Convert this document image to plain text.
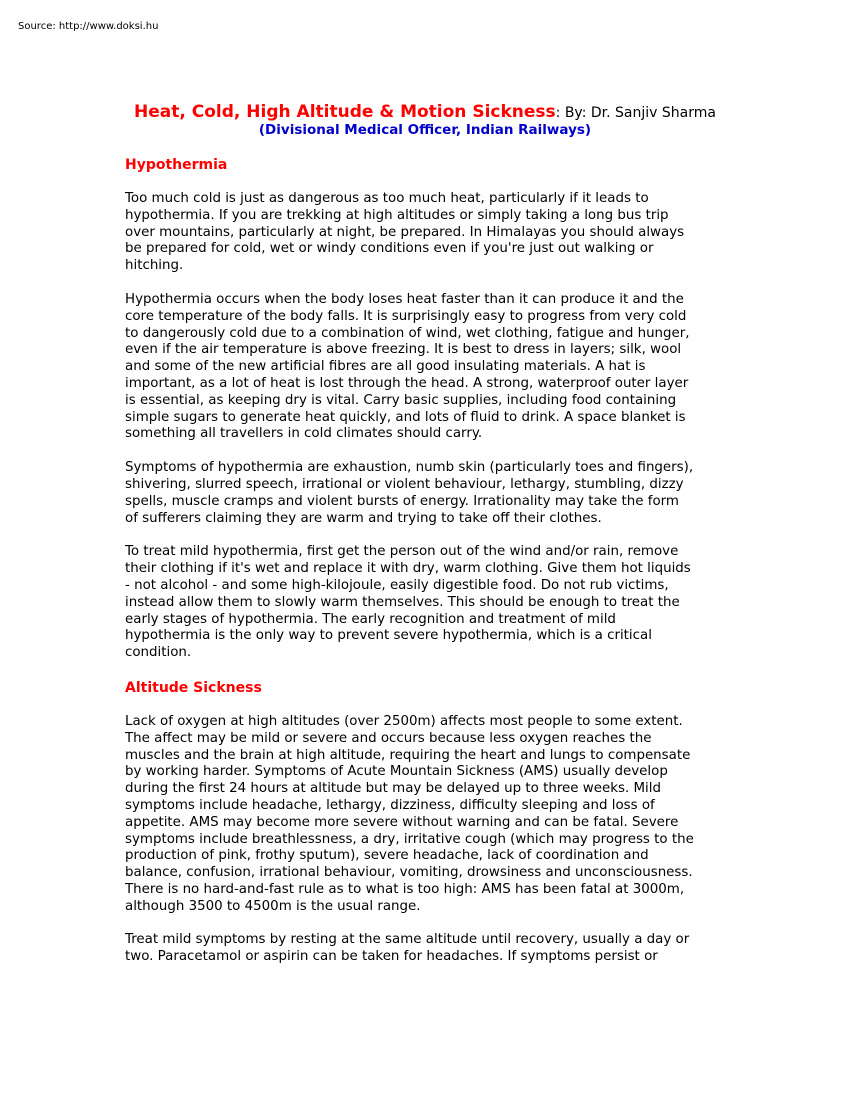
Source: http://www.doksi.hu
Heat, Cold, High Altitude & Motion Sickness: By: Dr. Sanjiv Sharma
(Divisional Medical Officer, Indian Railways)
Hypothermia
Too much cold is just as dangerous as too much heat, particularly if it leads to
hypothermia. If you are trekking at high altitudes or simply taking a long bus trip
over mountains, particularly at night, be prepared. In Himalayas you should always
be prepared for cold, wet or windy conditions even if you're just out walking or
hitching.
Hypothermia occurs when the body loses heat faster than it can produce it and the
core temperature of the body falls. It is surprisingly easy to progress from very cold
to dangerously cold due to a combination of wind, wet clothing, fatigue and hunger,
even if the air temperature is above freezing. It is best to dress in layers; silk, wool
and some of the new artificial fibres are all good insulating materials. A hat is
important, as a lot of heat is lost through the head. A strong, waterproof outer layer
is essential, as keeping dry is vital. Carry basic supplies, including food containing
simple sugars to generate heat quickly, and lots of fluid to drink. A space blanket is
something all travellers in cold climates should carry.
Symptoms of hypothermia are exhaustion, numb skin (particularly toes and fingers),
shivering, slurred speech, irrational or violent behaviour, lethargy, stumbling, dizzy
spells, muscle cramps and violent bursts of energy. Irrationality may take the form
of sufferers claiming they are warm and trying to take off their clothes.
To treat mild hypothermia, first get the person out of the wind and/or rain, remove
their clothing if it's wet and replace it with dry, warm clothing. Give them hot liquids
- not alcohol - and some high-kilojoule, easily digestible food. Do not rub victims,
instead allow them to slowly warm themselves. This should be enough to treat the
early stages of hypothermia. The early recognition and treatment of mild
hypothermia is the only way to prevent severe hypothermia, which is a critical
condition.
Altitude Sickness
Lack of oxygen at high altitudes (over 2500m) affects most people to some extent.
The affect may be mild or severe and occurs because less oxygen reaches the
muscles and the brain at high altitude, requiring the heart and lungs to compensate
by working harder. Symptoms of Acute Mountain Sickness (AMS) usually develop
during the first 24 hours at altitude but may be delayed up to three weeks. Mild
symptoms include headache, lethargy, dizziness, difficulty sleeping and loss of
appetite. AMS may become more severe without warning and can be fatal. Severe
symptoms include breathlessness, a dry, irritative cough (which may progress to the
production of pink, frothy sputum), severe headache, lack of coordination and
balance, confusion, irrational behaviour, vomiting, drowsiness and unconsciousness.
There is no hard-and-fast rule as to what is too high: AMS has been fatal at 3000m,
although 3500 to 4500m is the usual range.
Treat mild symptoms by resting at the same altitude until recovery, usually a day or
two. Paracetamol or aspirin can be taken for headaches. If symptoms persist or
